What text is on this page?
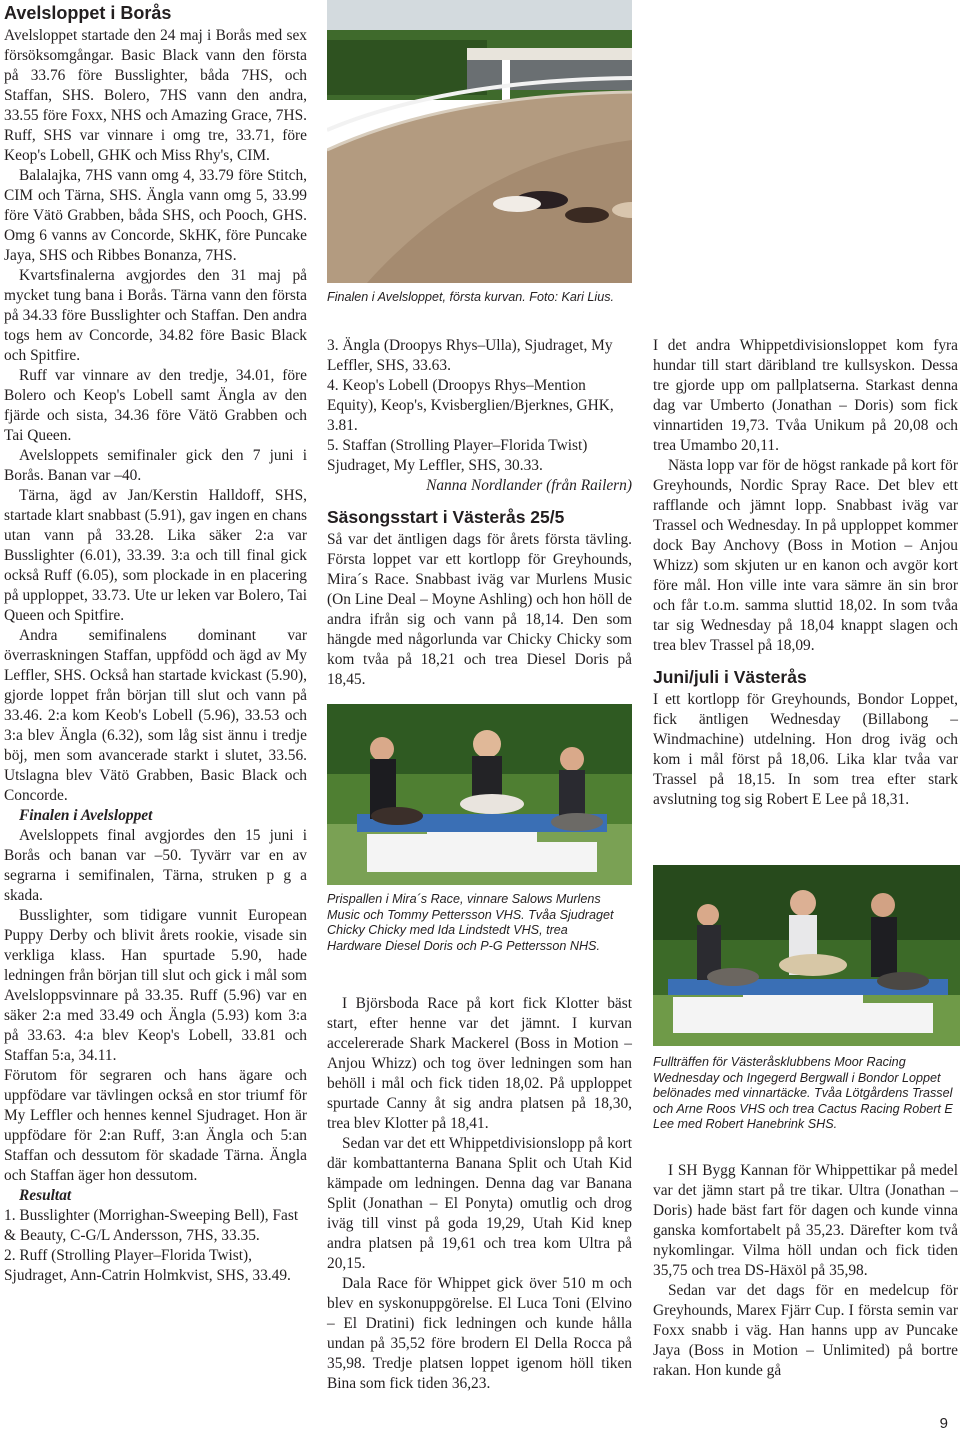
Avelsloppet i Borås

Avelsloppet startade den 24 maj i Borås med sex försöksomgångar. Basic Black vann den första på 33.76 före Busslighter, båda 7HS, och Staffan, SHS. Bolero, 7HS vann den andra, 33.55 före Foxx, NHS och Amazing Grace, 7HS. Ruff, SHS var vinnare i omg tre, 33.71, före Keop's Lobell, GHK och Miss Rhy's, CIM.

Balalajka, 7HS vann omg 4, 33.79 före Stitch, CIM och Tärna, SHS. Ängla vann omg 5, 33.99 före Vätö Grabben, båda SHS, och Pooch, GHS. Omg 6 vanns av Concorde, SkHK, före Puncake Jaya, SHS och Ribbes Bonanza, 7HS.

Kvartsfinalerna avgjordes den 31 maj på mycket tung bana i Borås. Tärna vann den första på 34.33 före Busslighter och Staffan. Den andra togs hem av Concorde, 34.82 före Basic Black och Spitfire.

Ruff var vinnare av den tredje, 34.01, före Bolero och Keop's Lobell samt Ängla av den fjärde och sista, 34.36 före Vätö Grabben och Tai Queen.

Avelsloppets semifinaler gick den 7 juni i Borås. Banan var –40.

Tärna, ägd av Jan/Kerstin Halldoff, SHS, startade klart snabbast (5.91), gav ingen en chans utan vann på 33.28. Lika säker 2:a var Busslighter (6.01), 33.39. 3:a och till final gick också Ruff (6.05), som plockade in en placering på upploppet, 33.73. Ute ur leken var Bolero, Tai Queen och Spitfire.

Andra semifinalens dominant var överraskningen Staffan, uppfödd och ägd av My Leffler, SHS. Också han startade kvickast (5.90), gjorde loppet från början till slut och vann på 33.46. 2:a kom Keob's Lobell (5.96), 33.53 och 3:a blev Ängla (6.32), som låg sist ännu i tredje böj, men som avancerade starkt i slutet, 33.56. Utslagna blev Vätö Grabben, Basic Black och Concorde.

Finalen i Avelsloppet

Avelsloppets final avgjordes den 15 juni i Borås och banan var –50. Tyvärr var en av segrarna i semifinalen, Tärna, struken p g a skada.

Busslighter, som tidigare vunnit European Puppy Derby och blivit årets rookie, visade sin verkliga klass. Han spurtade 5.90, hade ledningen från början till slut och gick i mål som Avelsloppsvinnare på 33.35. Ruff (5.96) var en säker 2:a med 33.49 och Ängla (5.93) kom 3:a på 33.63. 4:a blev Keop's Lobell, 33.81 och Staffan 5:a, 34.11.

Förutom för segraren och hans ägare och uppfödare var tävlingen också en stor triumf för My Leffler och hennes kennel Sjudraget. Hon är uppfödare för 2:an Ruff, 3:an Ängla och 5:an Staffan och dessutom för skadade Tärna. Ängla och Staffan äger hon dessutom.

Resultat

1. Busslighter (Morrighan-Sweeping Bell), Fast & Beauty, C-G/L Andersson, 7HS, 33.35.

2. Ruff (Strolling Player–Florida Twist), Sjudraget, Ann-Catrin Holmkvist, SHS, 33.49.

Finalen i Avelsloppet, första kurvan. Foto: Kari Lius.

3. Ängla (Droopys Rhys–Ulla), Sjudraget, My Leffler, SHS, 33.63.

4. Keop's Lobell (Droopys Rhys–Mention Equity), Keop's, Kvisberglien/Bjerknes, GHK, 3.81.

5. Staffan (Strolling Player–Florida Twist) Sjudraget, My Leffler, SHS, 30.33.

Nanna Nordlander (från Railern)

Säsongsstart i Västerås 25/5

Så var det äntligen dags för årets första tävling. Första loppet var ett kortlopp för Greyhounds, Mira´s Race. Snabbast iväg var Murlens Music (On Line Deal – Moyne Ashling) och hon höll de andra ifrån sig och vann på 18,14. Den som hängde med någorlunda var Chicky Chicky som kom tvåa på 18,21 och trea Diesel Doris på 18,45.

Prispallen i Mira´s Race, vinnare Salows Murlens Music och Tommy Pettersson VHS. Tvåa Sjudraget Chicky Chicky med Ida Lindstedt VHS, trea Hardware Diesel Doris och P-G Pettersson NHS.

I Björsboda Race på kort fick Klotter bäst start, efter henne var det jämnt. I kurvan accelererade Shark Mackerel (Boss in Motion – Anjou Whizz) och tog över ledningen som han behöll i mål och fick tiden 18,02. På upploppet spurtade Canny åt sig andra platsen på 18,30, trea blev Klotter på 18,41.

Sedan var det ett Whippetdivisionslopp på kort där kombattanterna Banana Split och Utah Kid kämpade om ledningen. Denna dag var Banana Split (Jonathan – El Ponyta) omutlig och drog iväg till vinst på goda 19,29, Utah Kid knep andra platsen på 19,61 och trea kom Ultra på 20,15.

Dala Race för Whippet gick över 510 m och blev en syskonuppgörelse. El Luca Toni (Elvino – El Dratini) fick ledningen och kunde hålla undan på 35,52 före brodern El Della Rocca på 35,98. Tredje platsen loppet igenom höll tiken Bina som fick tiden 36,23.

I det andra Whippetdivisionsloppet kom fyra hundar till start däribland tre kullsyskon. Dessa tre gjorde upp om pallplatserna. Starkast denna dag var Umberto (Jonathan – Doris) som fick vinnartiden 19,73. Tvåa Unikum på 20,08 och trea Umambo 20,11.

Nästa lopp var för de högst rankade på kort för Greyhounds, Nordic Spray Race. Det blev ett rafflande och jämnt lopp. Snabbast iväg var Trassel och Wednesday. In på upploppet kommer dock Bay Anchovy (Boss in Motion – Anjou Whizz) som skjuten ur en kanon och avgör kort före mål. Hon ville inte vara sämre än sin bror och får t.o.m. samma sluttid 18,02. In som tvåa tar sig Wednesday på 18,04 knappt slagen och trea blev Trassel på 18,09.

Juni/juli i Västerås

I ett kortlopp för Greyhounds, Bondor Loppet, fick äntligen Wednesday (Billabong – Windmachine) utdelning. Hon drog iväg och kom i mål först på 18,06. Lika klar tvåa var Trassel på 18,15. In som trea efter stark avslutning tog sig Robert E Lee på 18,31.

Fullträffen för Västeråsklubbens Moor Racing Wednesday och Ingegerd Bergwall i Bondor Loppet belönades med vinnartäcke. Tvåa Lötgårdens Trassel och Arne Roos VHS och trea Cactus Racing Robert E Lee med Robert Hanebrink SHS.

I SH Bygg Kannan för Whippettikar på medel var det jämn start på tre tikar. Ultra (Jonathan – Doris) hade bäst fart för dagen och kunde vinna ganska komfortabelt på 35,23. Därefter kom två nykomlingar. Vilma höll undan och fick tiden 35,75 och trea DS-Häxöl på 35,98.

Sedan var det dags för en medelcup för Greyhounds, Marex Fjärr Cup. I första semin var Foxx snabb i väg. Han hanns upp av Puncake Jaya (Boss in Motion – Unlimited) på bortre rakan. Hon kunde gå

9
